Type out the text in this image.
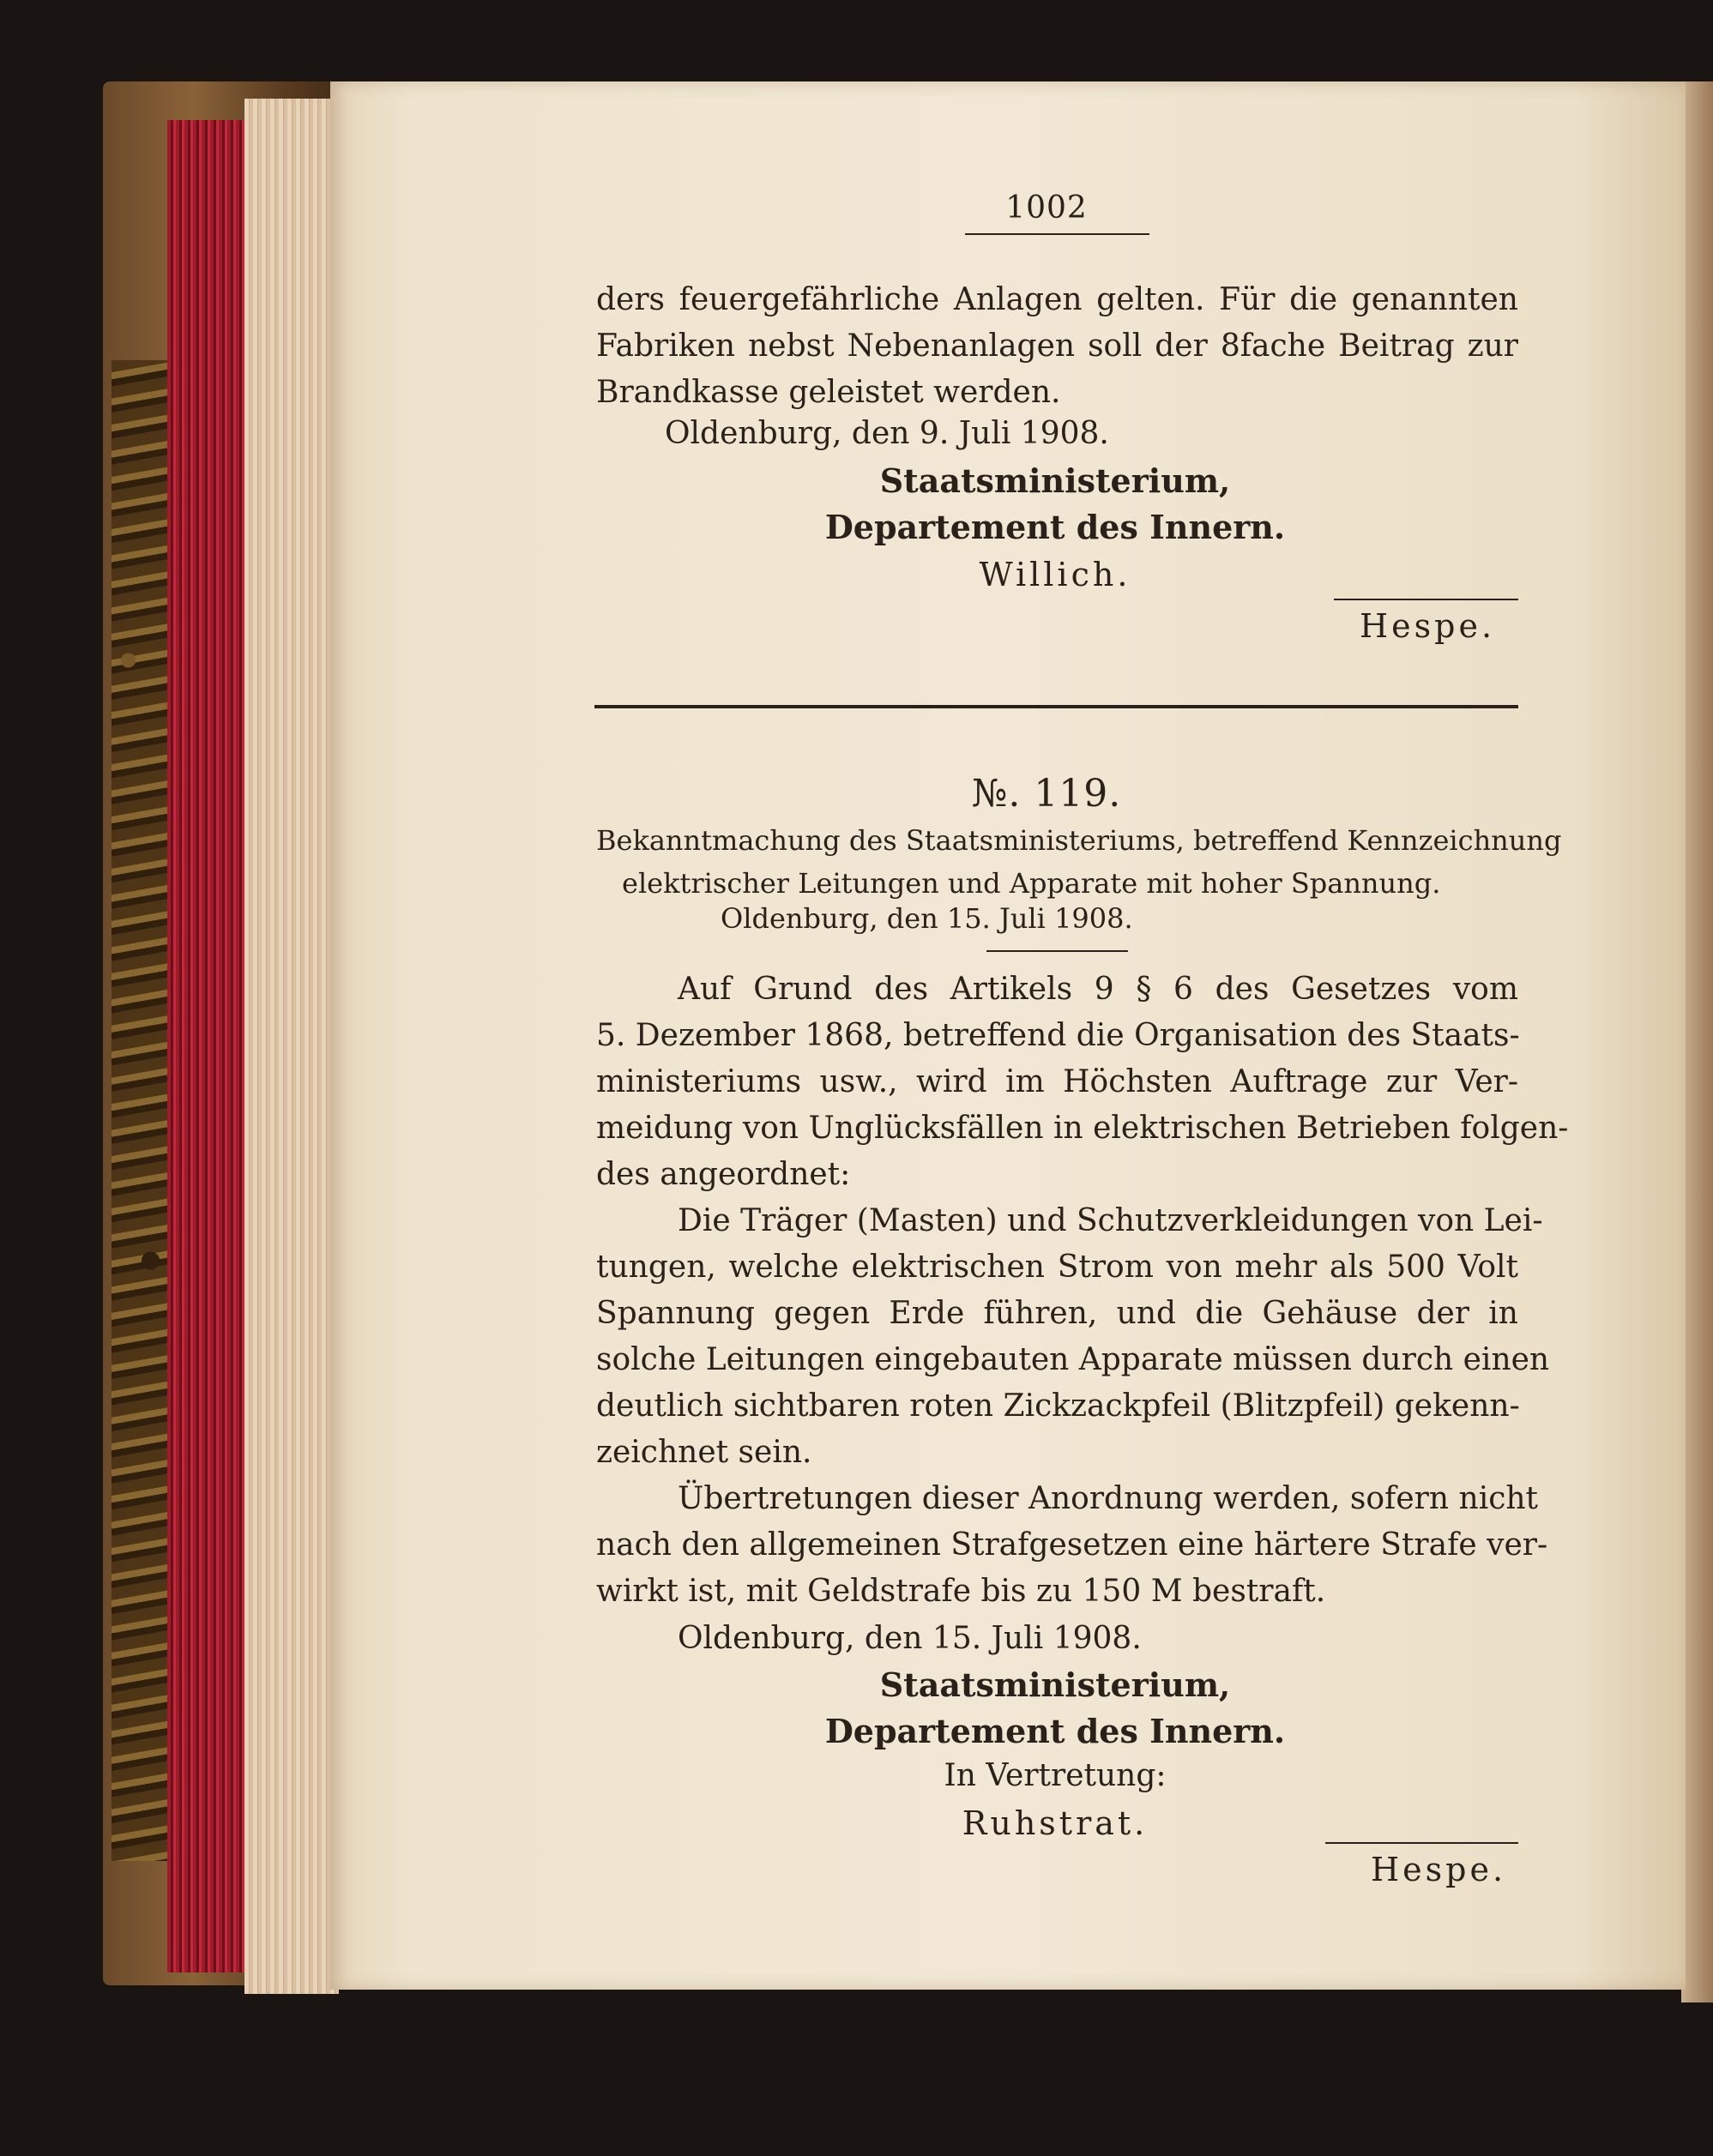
1002
ders feuergefährliche Anlagen gelten. Für die genannten
Fabriken nebst Nebenanlagen soll der 8fache Beitrag zur
Brandkasse geleistet werden.
Oldenburg, den 9. Juli 1908.
Staatsministerium,
Departement des Innern.
Willich.
Hespe.
№. 119.
Bekanntmachung des Staatsministeriums, betreffend Kennzeichnung
elektrischer Leitungen und Apparate mit hoher Spannung.
Oldenburg, den 15. Juli 1908.
Auf Grund des Artikels 9 § 6 des Gesetzes vom
5. Dezember 1868, betreffend die Organisation des Staats-
ministeriums usw., wird im Höchsten Auftrage zur Ver-
meidung von Unglücksfällen in elektrischen Betrieben folgen-
des angeordnet:
Die Träger (Masten) und Schutzverkleidungen von Lei-
tungen, welche elektrischen Strom von mehr als 500 Volt
Spannung gegen Erde führen, und die Gehäuse der in
solche Leitungen eingebauten Apparate müssen durch einen
deutlich sichtbaren roten Zickzackpfeil (Blitzpfeil) gekenn-
zeichnet sein.
Übertretungen dieser Anordnung werden, sofern nicht
nach den allgemeinen Strafgesetzen eine härtere Strafe ver-
wirkt ist, mit Geldstrafe bis zu 150 M bestraft.
Oldenburg, den 15. Juli 1908.
Staatsministerium,
Departement des Innern.
In Vertretung:
Ruhstrat.
Hespe.
